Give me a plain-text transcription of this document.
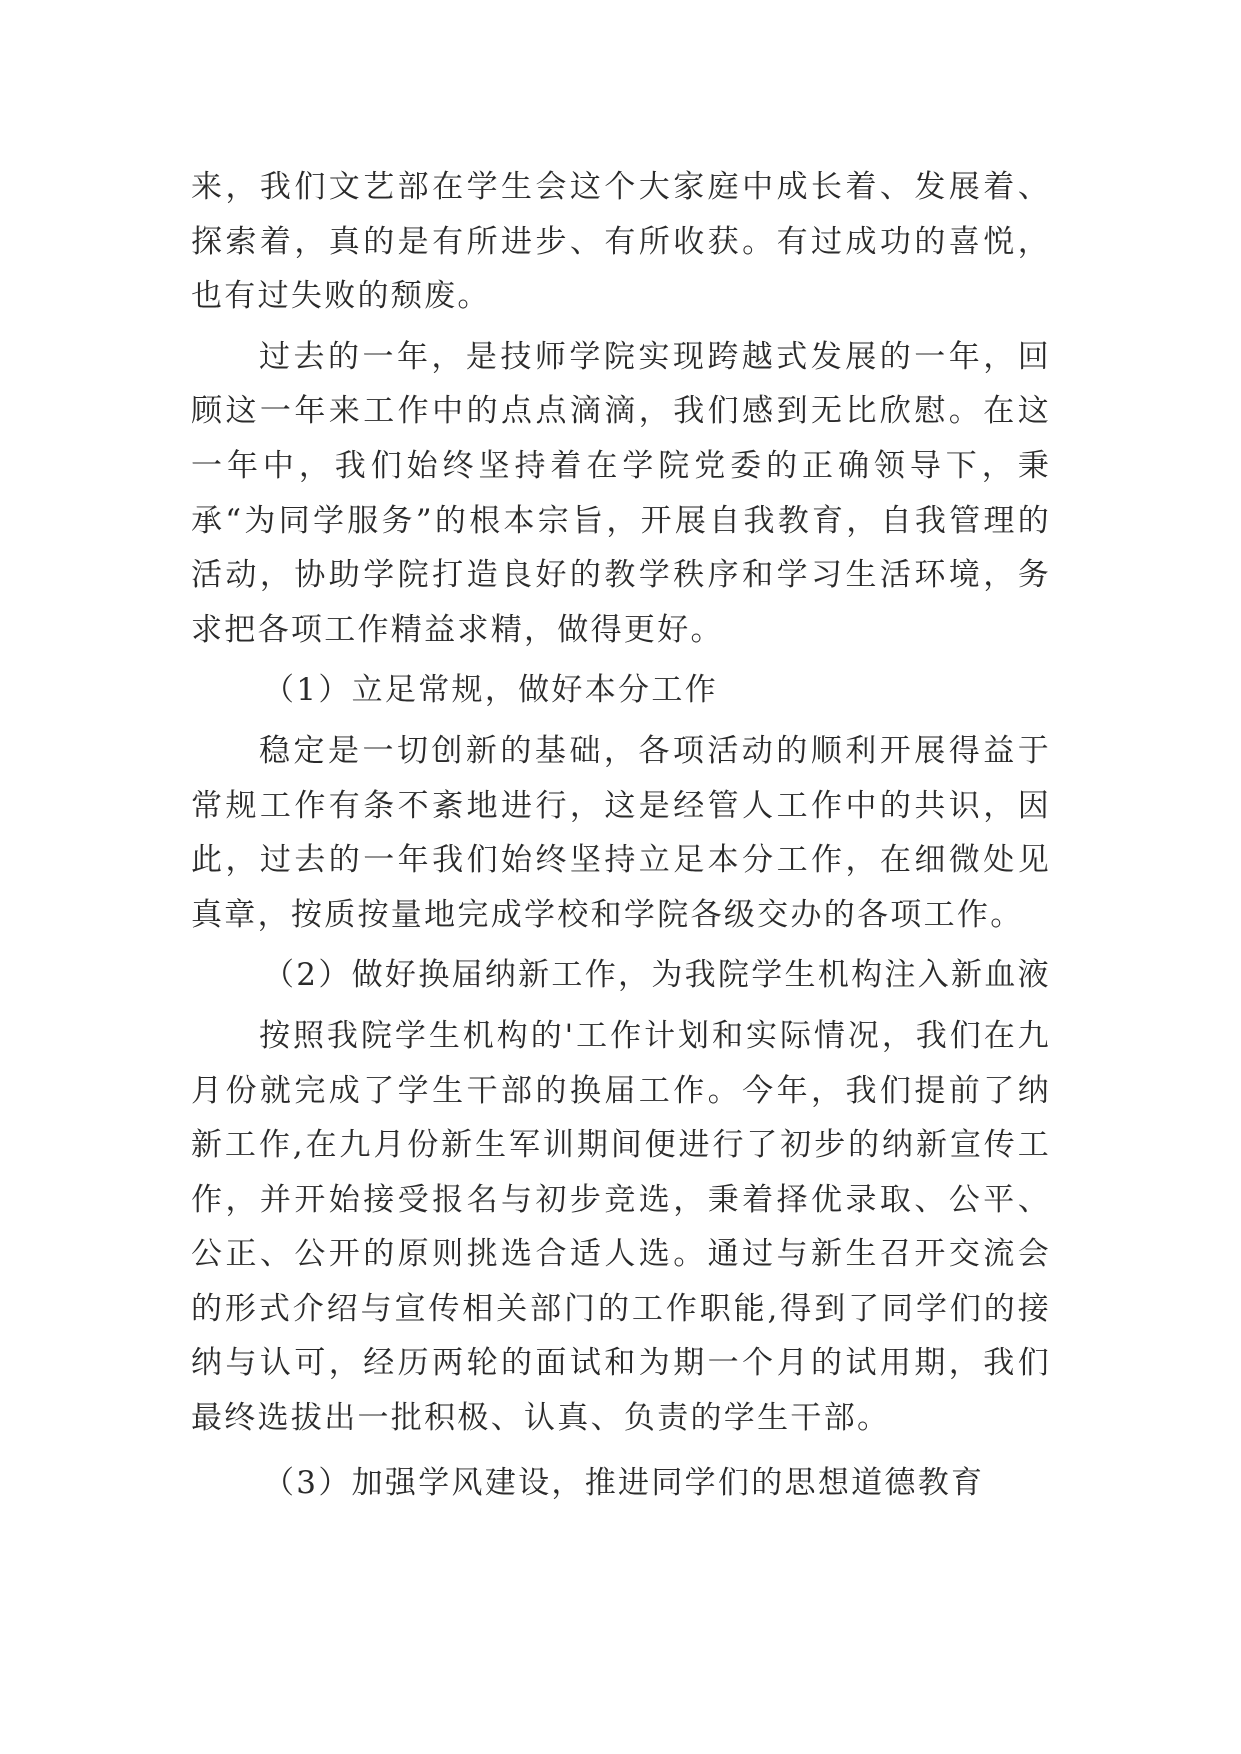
来，我们文艺部在学生会这个大家庭中成长着、发展着、探索着，真的是有所进步、有所收获。有过成功的喜悦，也有过失败的颓废。

过去的一年，是技师学院实现跨越式发展的一年，回顾这一年来工作中的点点滴滴，我们感到无比欣慰。在这一年中，我们始终坚持着在学院党委的正确领导下，秉承“为同学服务”的根本宗旨，开展自我教育，自我管理的活动，协助学院打造良好的教学秩序和学习生活环境，务求把各项工作精益求精，做得更好。

（1）立足常规，做好本分工作

稳定是一切创新的基础，各项活动的顺利开展得益于常规工作有条不紊地进行，这是经管人工作中的共识，因此，过去的一年我们始终坚持立足本分工作，在细微处见真章，按质按量地完成学校和学院各级交办的各项工作。

（2）做好换届纳新工作，为我院学生机构注入新血液

按照我院学生机构的'工作计划和实际情况，我们在九月份就完成了学生干部的换届工作。今年，我们提前了纳新工作,在九月份新生军训期间便进行了初步的纳新宣传工作，并开始接受报名与初步竞选，秉着择优录取、公平、公正、公开的原则挑选合适人选。通过与新生召开交流会的形式介绍与宣传相关部门的工作职能,得到了同学们的接纳与认可，经历两轮的面试和为期一个月的试用期，我们最终选拔出一批积极、认真、负责的学生干部。

（3）加强学风建设，推进同学们的思想道德教育
